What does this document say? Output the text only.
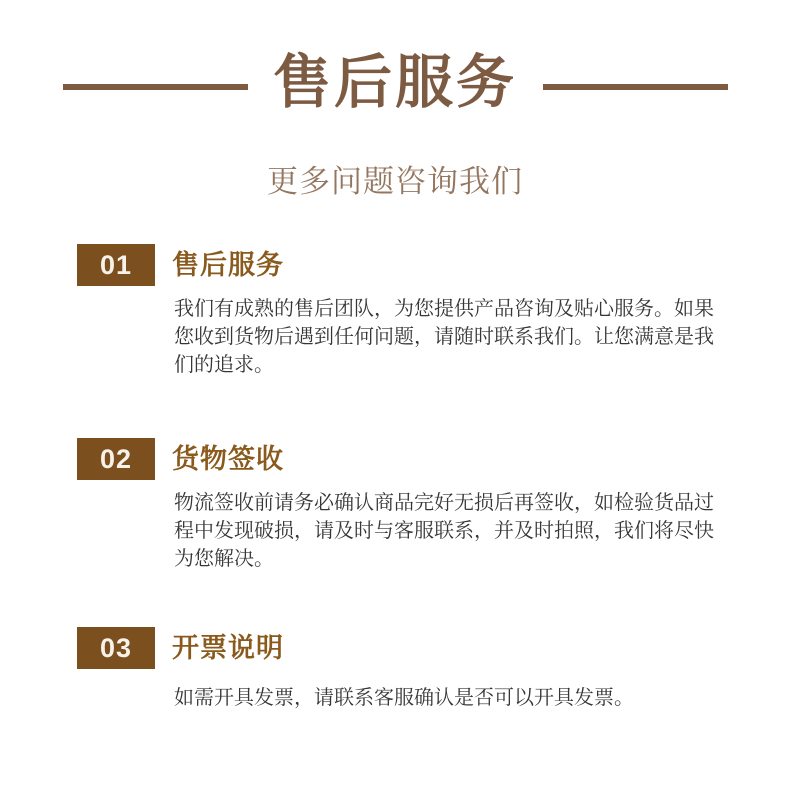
售后服务
更多问题咨询我们
01	售后服务
我们有成熟的售后团队，为您提供产品咨询及贴心服务。如果
您收到货物后遇到任何问题，请随时联系我们。让您满意是我
们的追求。
02	货物签收
物流签收前请务必确认商品完好无损后再签收，如检验货品过
程中发现破损，请及时与客服联系，并及时拍照，我们将尽快
为您解决。
03	开票说明
如需开具发票，请联系客服确认是否可以开具发票。
